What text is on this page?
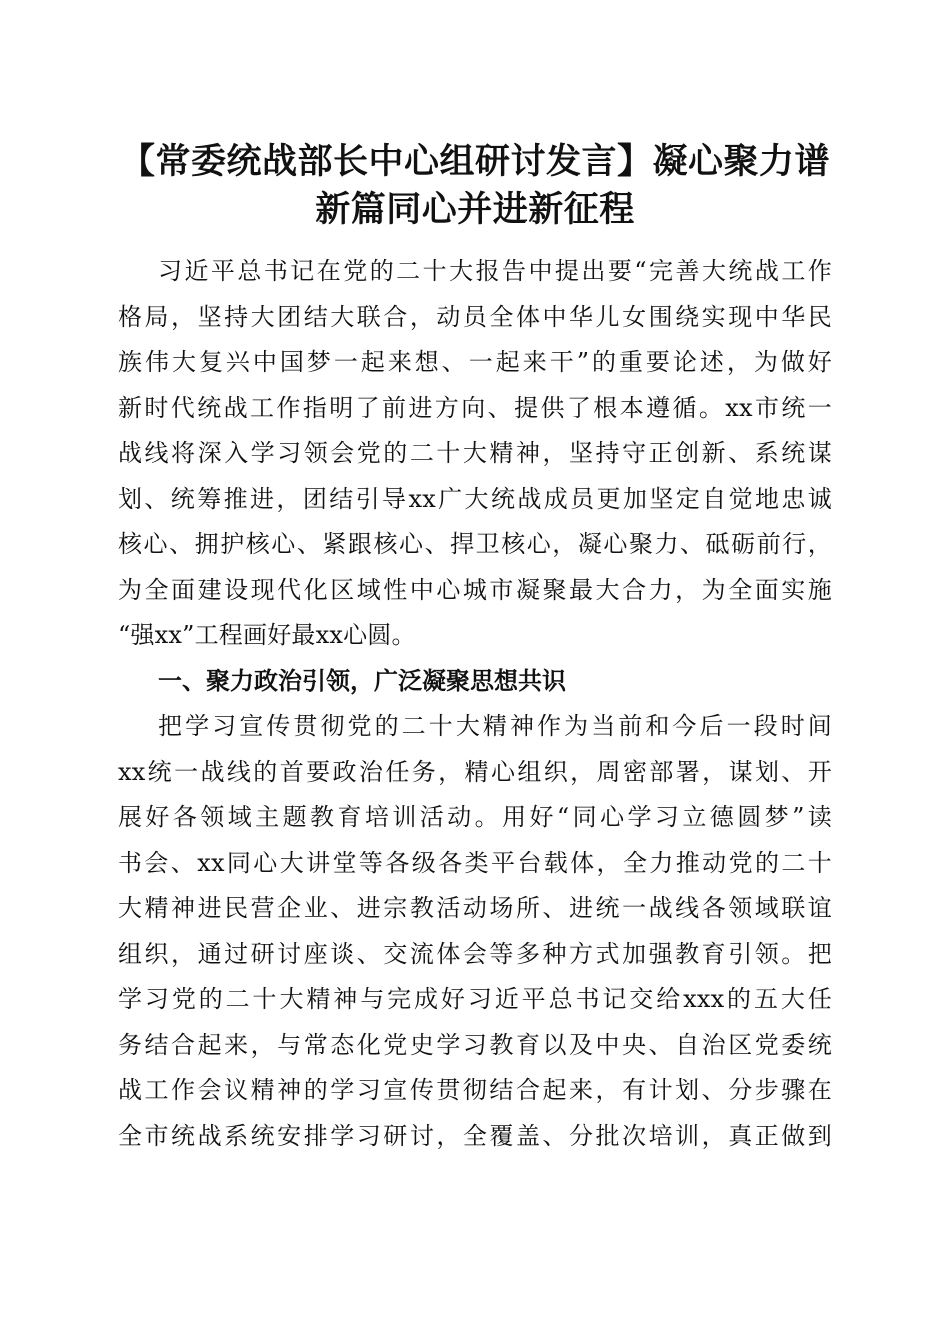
【常委统战部长中心组研讨发言】凝心聚力谱
新篇同心并进新征程
习近平总书记在党的二十大报告中提出要“完善大统战工作
格局，坚持大团结大联合，动员全体中华儿女围绕实现中华民
族伟大复兴中国梦一起来想、一起来干”的重要论述，为做好
新时代统战工作指明了前进方向、提供了根本遵循。xx市统一
战线将深入学习领会党的二十大精神，坚持守正创新、系统谋
划、统筹推进，团结引导xx广大统战成员更加坚定自觉地忠诚
核心、拥护核心、紧跟核心、捍卫核心，凝心聚力、砥砺前行，
为全面建设现代化区域性中心城市凝聚最大合力，为全面实施
“强xx”工程画好最xx心圆。
一、聚力政治引领，广泛凝聚思想共识
把学习宣传贯彻党的二十大精神作为当前和今后一段时间
xx统一战线的首要政治任务，精心组织，周密部署，谋划、开
展好各领域主题教育培训活动。用好“同心学习立德圆梦”读
书会、xx同心大讲堂等各级各类平台载体，全力推动党的二十
大精神进民营企业、进宗教活动场所、进统一战线各领域联谊
组织，通过研讨座谈、交流体会等多种方式加强教育引领。把
学习党的二十大精神与完成好习近平总书记交给xxx的五大任
务结合起来，与常态化党史学习教育以及中央、自治区党委统
战工作会议精神的学习宣传贯彻结合起来，有计划、分步骤在
全市统战系统安排学习研讨，全覆盖、分批次培训，真正做到
